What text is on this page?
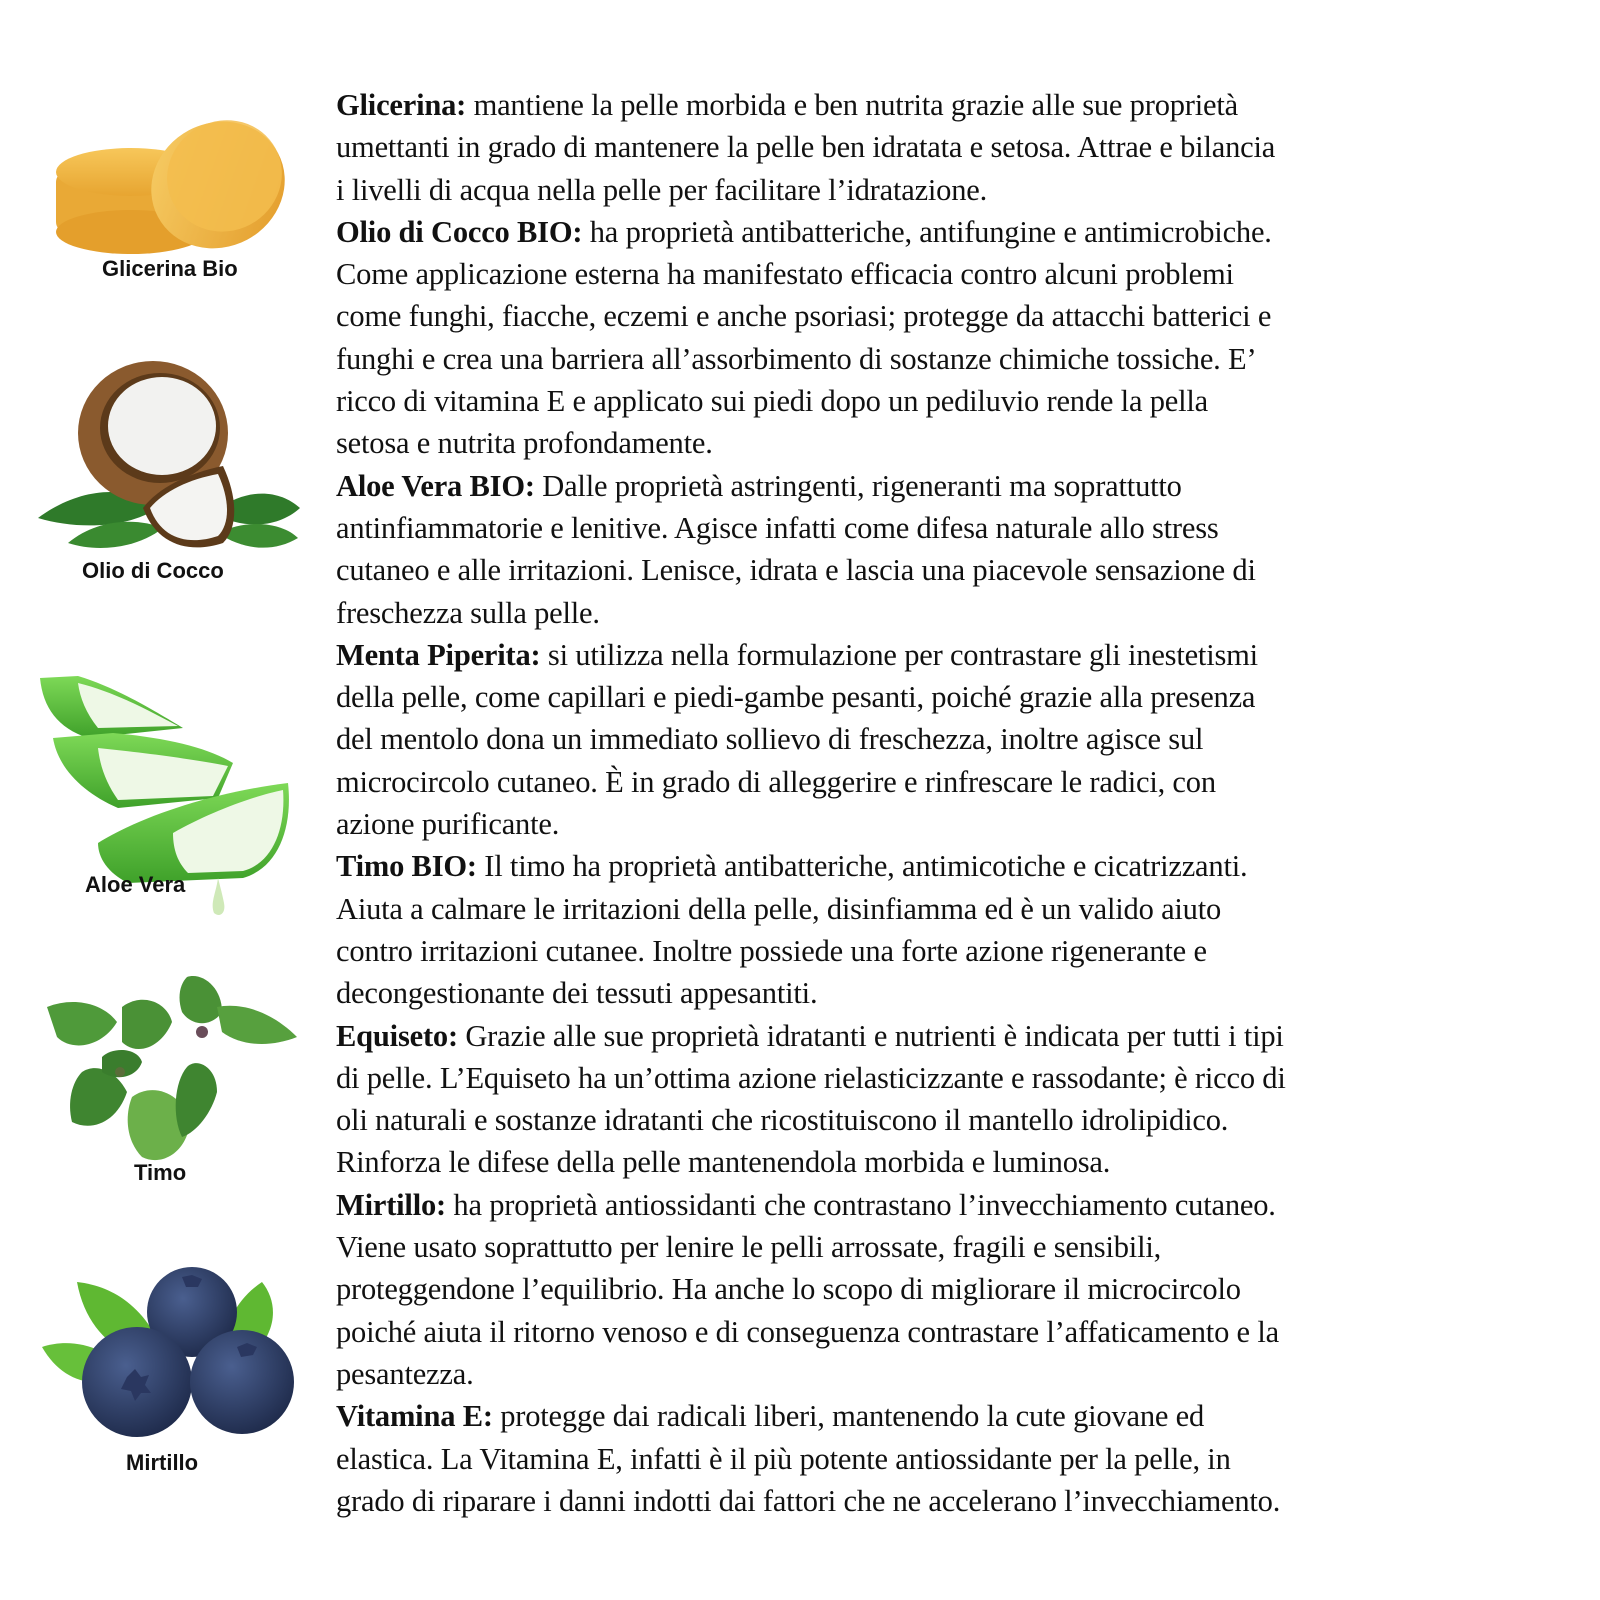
Glicerina Bio
Olio di Cocco
Aloe Vera
Timo
Mirtillo
Glicerina: mantiene la pelle morbida e ben nutrita grazie alle sue proprietà
umettanti in grado di mantenere la pelle ben idratata e setosa. Attrae e bilancia
i livelli di acqua nella pelle per facilitare l’idratazione.
Olio di Cocco BIO: ha proprietà antibatteriche, antifungine e antimicrobiche.
Come applicazione esterna ha manifestato efficacia contro alcuni problemi
come funghi, fiacche, eczemi e anche psoriasi; protegge da attacchi batterici e
funghi e crea una barriera all’assorbimento di sostanze chimiche tossiche. E’
ricco di vitamina E e applicato sui piedi dopo un pediluvio rende la pella
setosa e nutrita profondamente.
Aloe Vera BIO: Dalle proprietà astringenti, rigeneranti ma soprattutto
antinfiammatorie e lenitive. Agisce infatti come difesa naturale allo stress
cutaneo e alle irritazioni. Lenisce, idrata e lascia una piacevole sensazione di
freschezza sulla pelle.
Menta Piperita: si utilizza nella formulazione per contrastare gli inestetismi
della pelle, come capillari e piedi-gambe pesanti, poiché grazie alla presenza
del mentolo dona un immediato sollievo di freschezza, inoltre agisce sul
microcircolo cutaneo. È in grado di alleggerire e rinfrescare le radici, con
azione purificante.
Timo BIO: Il timo ha proprietà antibatteriche, antimicotiche e cicatrizzanti.
Aiuta a calmare le irritazioni della pelle, disinfiamma ed è un valido aiuto
contro irritazioni cutanee. Inoltre possiede una forte azione rigenerante e
decongestionante dei tessuti appesantiti.
Equiseto: Grazie alle sue proprietà idratanti e nutrienti è indicata per tutti i tipi
di pelle. L’Equiseto ha un’ottima azione rielasticizzante e rassodante; è ricco di
oli naturali e sostanze idratanti che ricostituiscono il mantello idrolipidico.
Rinforza le difese della pelle mantenendola morbida e luminosa.
Mirtillo: ha proprietà antiossidanti che contrastano l’invecchiamento cutaneo.
Viene usato soprattutto per lenire le pelli arrossate, fragili e sensibili,
proteggendone l’equilibrio. Ha anche lo scopo di migliorare il microcircolo
poiché aiuta il ritorno venoso e di conseguenza contrastare l’affaticamento e la
pesantezza.
Vitamina E: protegge dai radicali liberi, mantenendo la cute giovane ed
elastica. La Vitamina E, infatti è il più potente antiossidante per la pelle, in
grado di riparare i danni indotti dai fattori che ne accelerano l’invecchiamento.
